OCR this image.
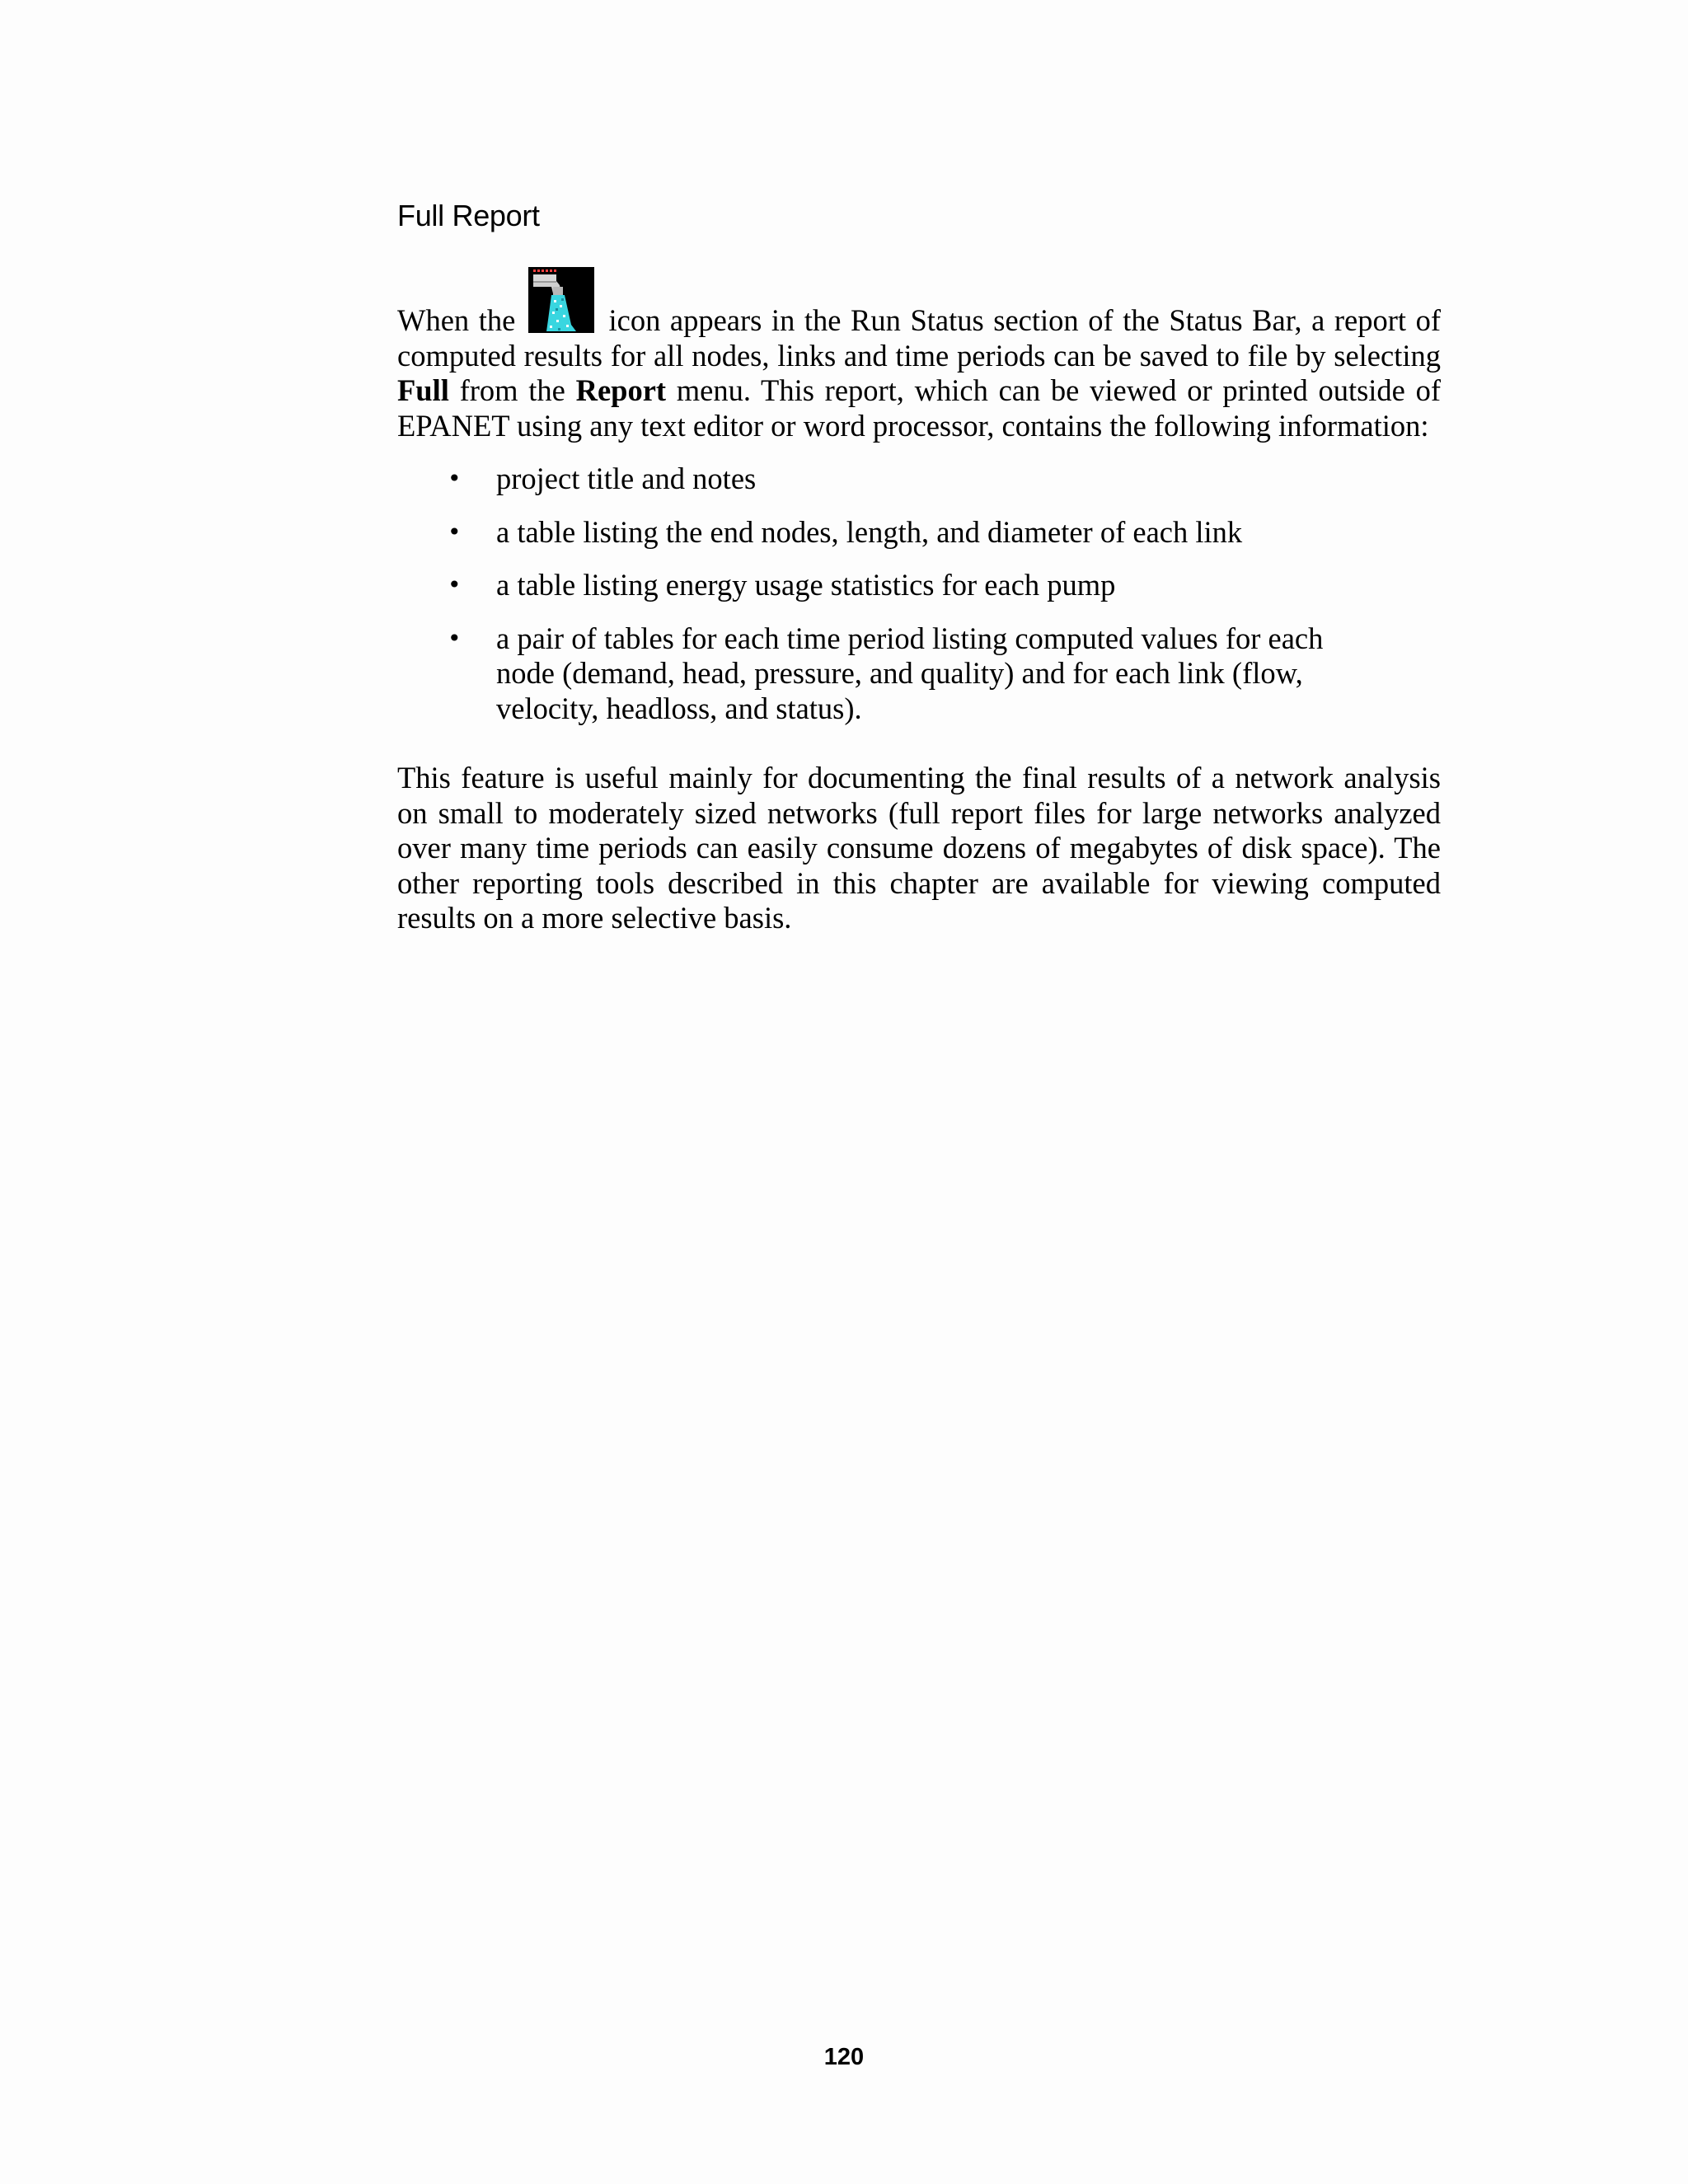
Full Report

When the	icon appears in the Run Status section of the Status Bar, a report of computed results for all nodes, links and time periods can be saved to file by selecting Full from the Report menu. This report, which can be viewed or printed outside of EPANET using any text editor or word processor, contains the following information:

• project title and notes
• a table listing the end nodes, length, and diameter of each link
• a table listing energy usage statistics for each pump
• a pair of tables for each time period listing computed values for each node (demand, head, pressure, and quality) and for each link (flow, velocity, headloss, and status).

This feature is useful mainly for documenting the final results of a network analysis on small to moderately sized networks (full report files for large networks analyzed over many time periods can easily consume dozens of megabytes of disk space). The other reporting tools described in this chapter are available for viewing computed results on a more selective basis.

120
